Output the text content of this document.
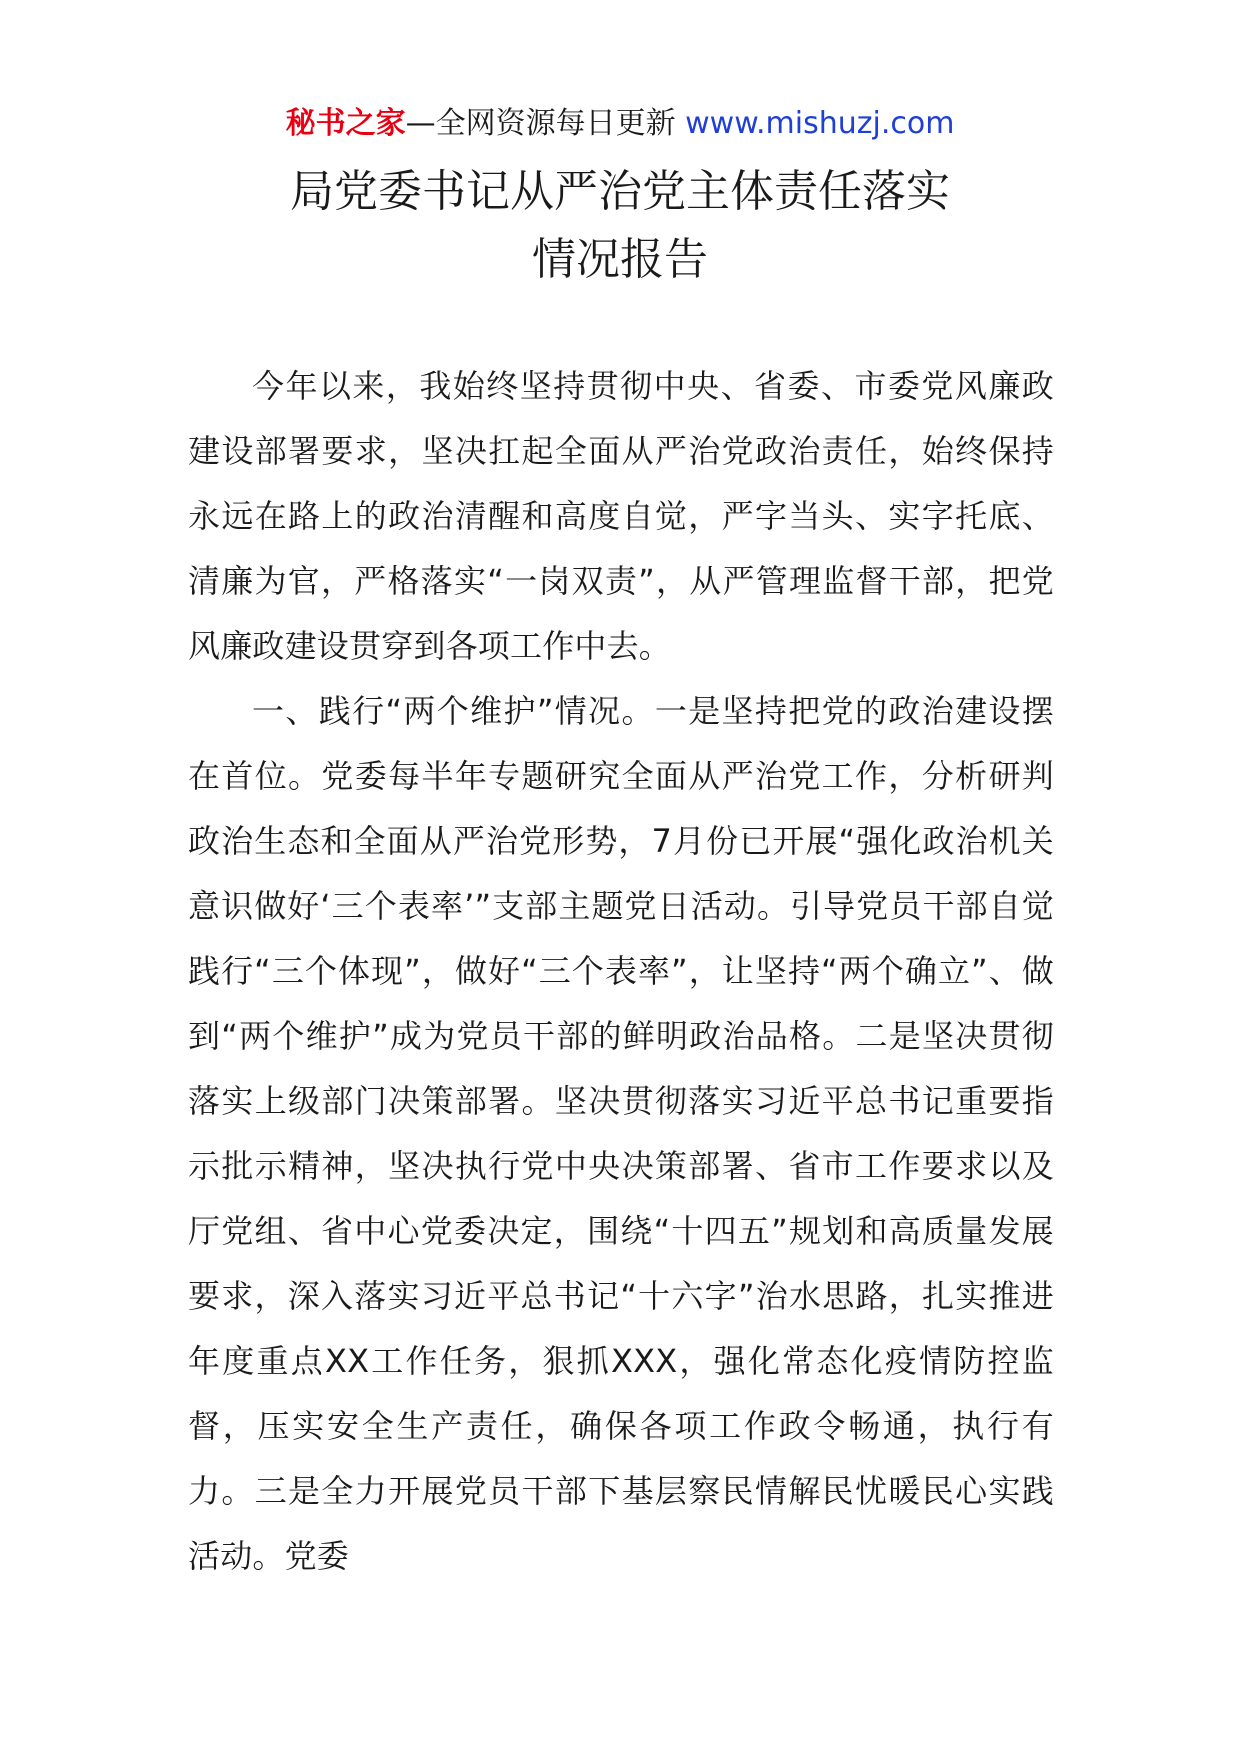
秘书之家—全网资源每日更新 www.mishuzj.com
局党委书记从严治党主体责任落实
情况报告

今年以来，我始终坚持贯彻中央、省委、市委党风廉政建设部署要求，坚决扛起全面从严治党政治责任，始终保持永远在路上的政治清醒和高度自觉，严字当头、实字托底、清廉为官，严格落实“一岗双责”，从严管理监督干部，把党风廉政建设贯穿到各项工作中去。

一、践行“两个维护”情况。一是坚持把党的政治建设摆在首位。党委每半年专题研究全面从严治党工作，分析研判政治生态和全面从严治党形势，7月份已开展“强化政治机关意识做好‘三个表率’”支部主题党日活动。引导党员干部自觉践行“三个体现”，做好“三个表率”，让坚持“两个确立”、做到“两个维护”成为党员干部的鲜明政治品格。二是坚决贯彻落实上级部门决策部署。坚决贯彻落实习近平总书记重要指示批示精神，坚决执行党中央决策部署、省市工作要求以及厅党组、省中心党委决定，围绕“十四五”规划和高质量发展要求，深入落实习近平总书记“十六字”治水思路，扎实推进年度重点XX工作任务，狠抓XXX，强化常态化疫情防控监督，压实安全生产责任，确保各项工作政令畅通，执行有力。三是全力开展党员干部下基层察民情解民忧暖民心实践活动。党委
